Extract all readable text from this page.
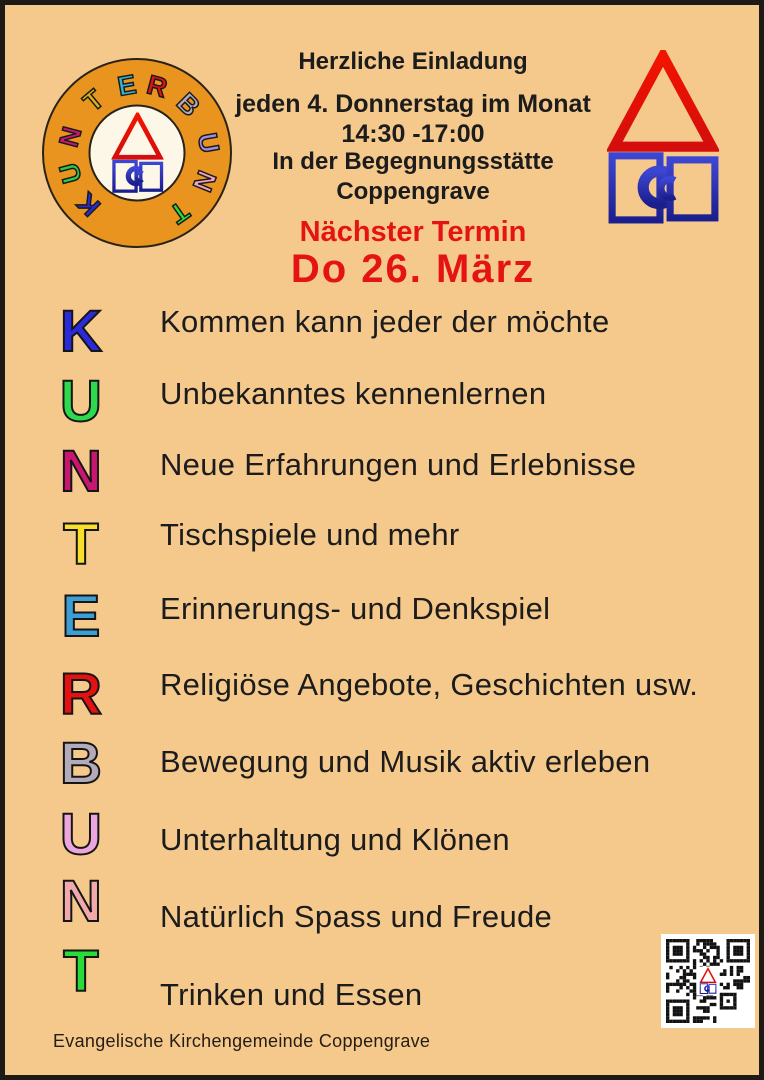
K
U
N
T E R
B
U
N
T
Herzliche Einladung
jeden 4. Donnerstag im Monat
14:30 -17:00
In der Begegnungsstätte
Coppengrave
Nächster Termin
Do 26. März
K
U
N
T
E
R
B
U
N
T
Kommen kann jeder der möchte
Unbekanntes kennenlernen
Neue Erfahrungen und Erlebnisse
Tischspiele und mehr
Erinnerungs- und Denkspiel
Religiöse Angebote, Geschichten usw.
Bewegung und Musik aktiv erleben
Unterhaltung und Klönen
Natürlich Spass und Freude
Trinken und Essen
Evangelische Kirchengemeinde Coppengrave
